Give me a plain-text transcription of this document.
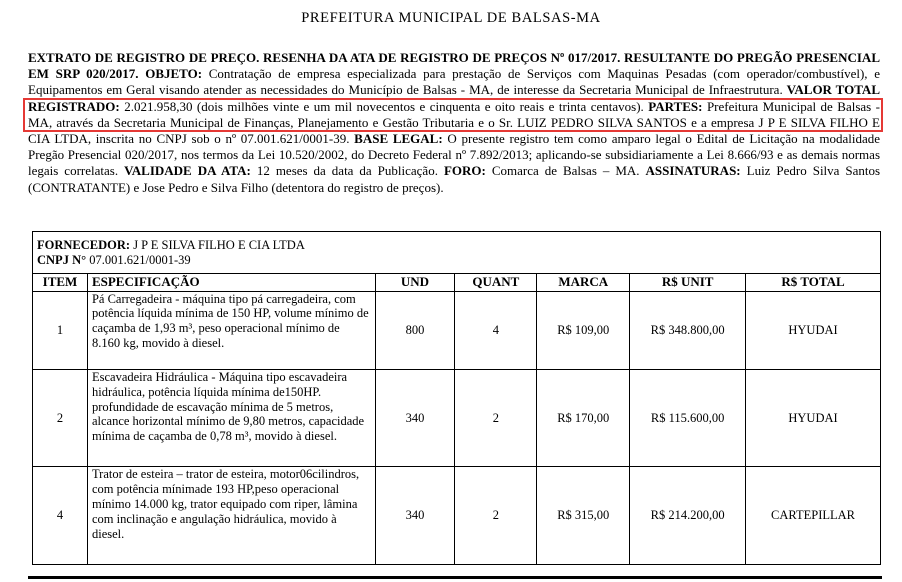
PREFEITURA MUNICIPAL DE BALSAS-MA
EXTRATO DE REGISTRO DE PREÇO. RESENHA DA ATA DE REGISTRO DE PREÇOS Nº 017/2017. RESULTANTE DO PREGÃO PRESENCIAL EM SRP 020/2017. OBJETO: Contratação de empresa especializada para prestação de Serviços com Maquinas Pesadas (com operador/combustível), e Equipamentos em Geral visando atender as necessidades do Município de Balsas - MA, de interesse da Secretaria Municipal de Infraestrutura. VALOR TOTAL REGISTRADO: 2.021.958,30 (dois milhões vinte e um mil novecentos e cinquenta e oito reais e trinta centavos). PARTES: Prefeitura Municipal de Balsas - MA, através da Secretaria Municipal de Finanças, Planejamento e Gestão Tributaria e o Sr. LUIZ PEDRO SILVA SANTOS e a empresa J P E SILVA FILHO E CIA LTDA, inscrita no CNPJ sob o nº 07.001.621/0001-39. BASE LEGAL: O presente registro tem como amparo legal o Edital de Licitação na modalidade Pregão Presencial 020/2017, nos termos da Lei 10.520/2002, do Decreto Federal nº 7.892/2013; aplicando-se subsidiariamente a Lei 8.666/93 e as demais normas legais correlatas. VALIDADE DA ATA: 12 meses da data da Publicação. FORO: Comarca de Balsas – MA. ASSINATURAS: Luiz Pedro Silva Santos (CONTRATANTE) e Jose Pedro e Silva Filho (detentora do registro de preços).
FORNECEDOR: J P E SILVA FILHO E CIA LTDA
CNPJ N° 07.001.621/0001-39						
ITEM	ESPECIFICAÇÃO	UND	QUANT	MARCA	R$ UNIT	R$ TOTAL
1	Pá Carregadeira - máquina tipo pá carregadeira, com potência líquida mínima de 150 HP, volume mínimo de caçamba de 1,93 m³, peso operacional mínimo de 8.160 kg, movido à diesel.	800	4	R$ 109,00	R$ 348.800,00	HYUDAI
2	Escavadeira Hidráulica - Máquina tipo escavadeira hidráulica, potência líquida mínima de150HP. profundidade de escavação mínima de 5 metros, alcance horizontal mínimo de 9,80 metros, capacidade mínima de caçamba de 0,78 m³, movido à diesel.	340	2	R$ 170,00	R$ 115.600,00	HYUDAI
4	Trator de esteira – trator de esteira, motor06cilindros, com potência mínimade 193 HP,peso operacional mínimo 14.000 kg, trator equipado com riper, lâmina com inclinação e angulação hidráulica, movido à diesel.	340	2	R$ 315,00	R$ 214.200,00	CARTEPILLAR
